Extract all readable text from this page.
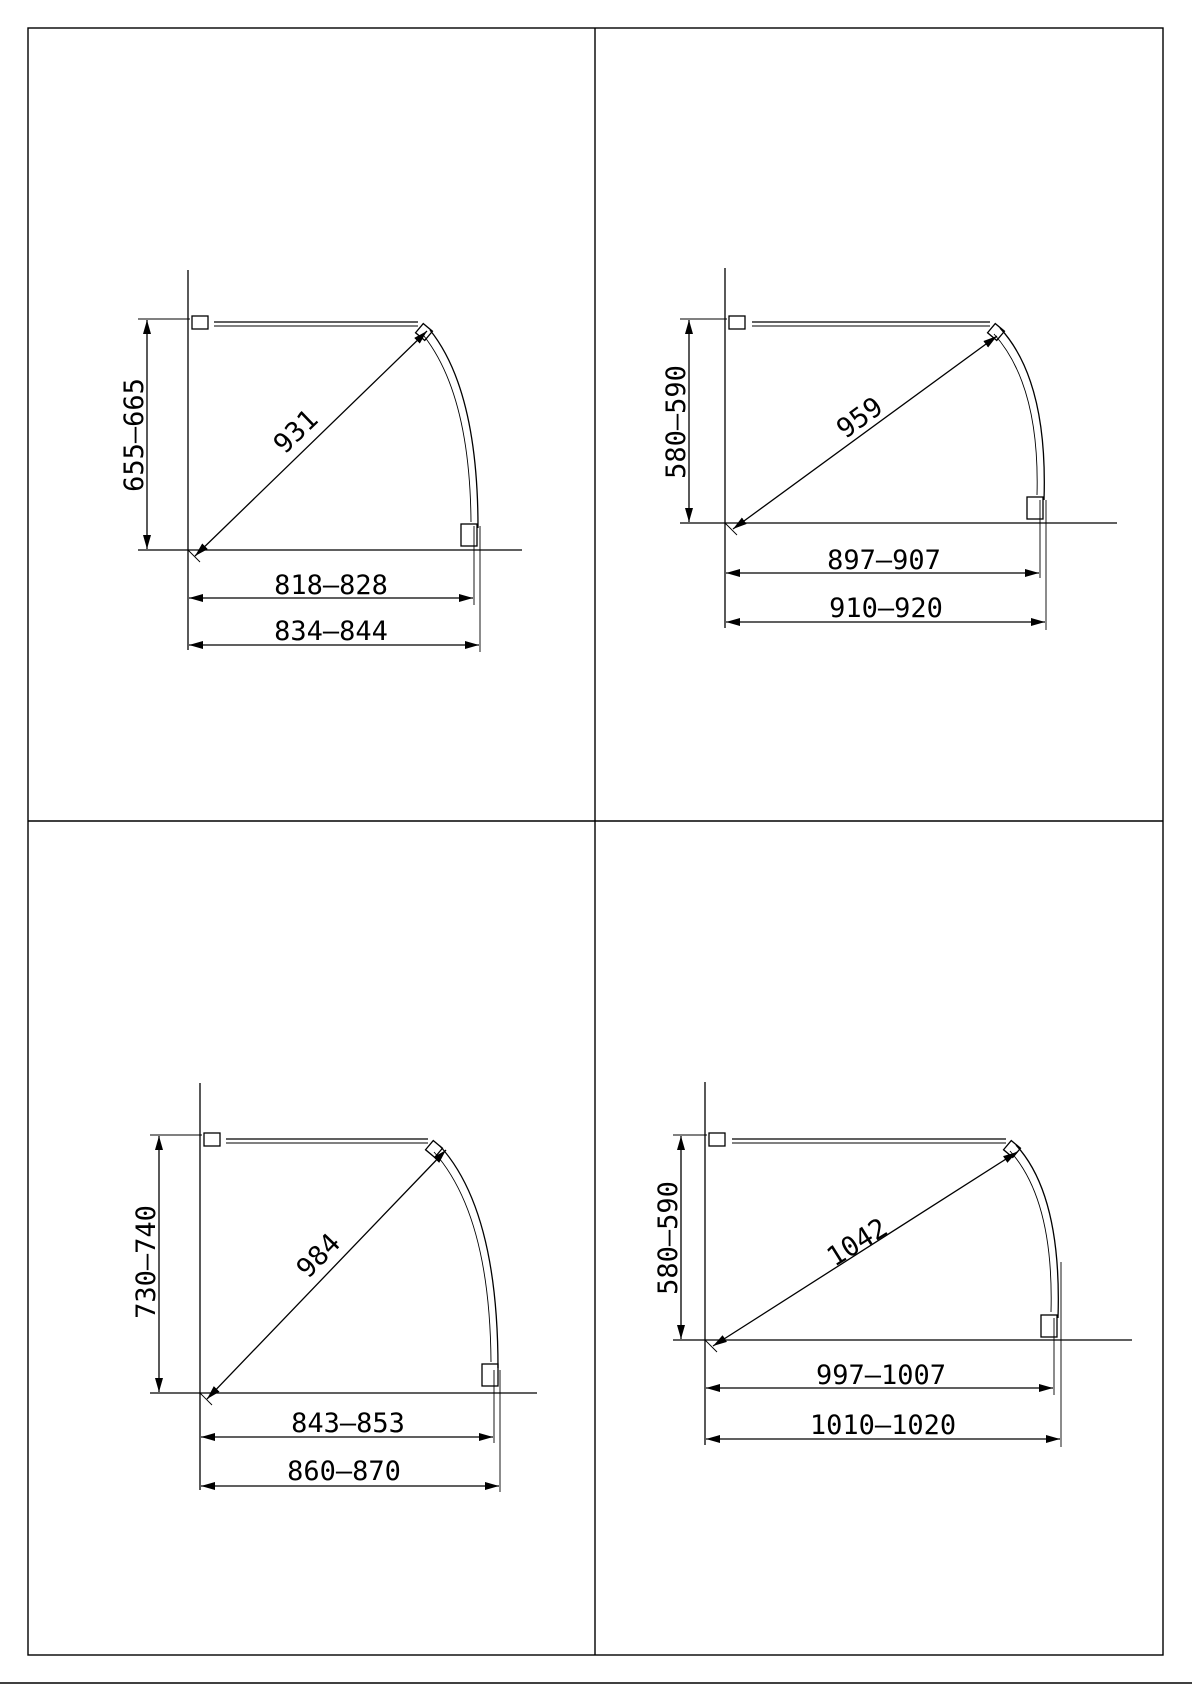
655–665	931
818–828
834–844
580–590	959
897–907
910–920
730–740	984
843–853
860–870
580–590	1042
997–1007
1010–1020
